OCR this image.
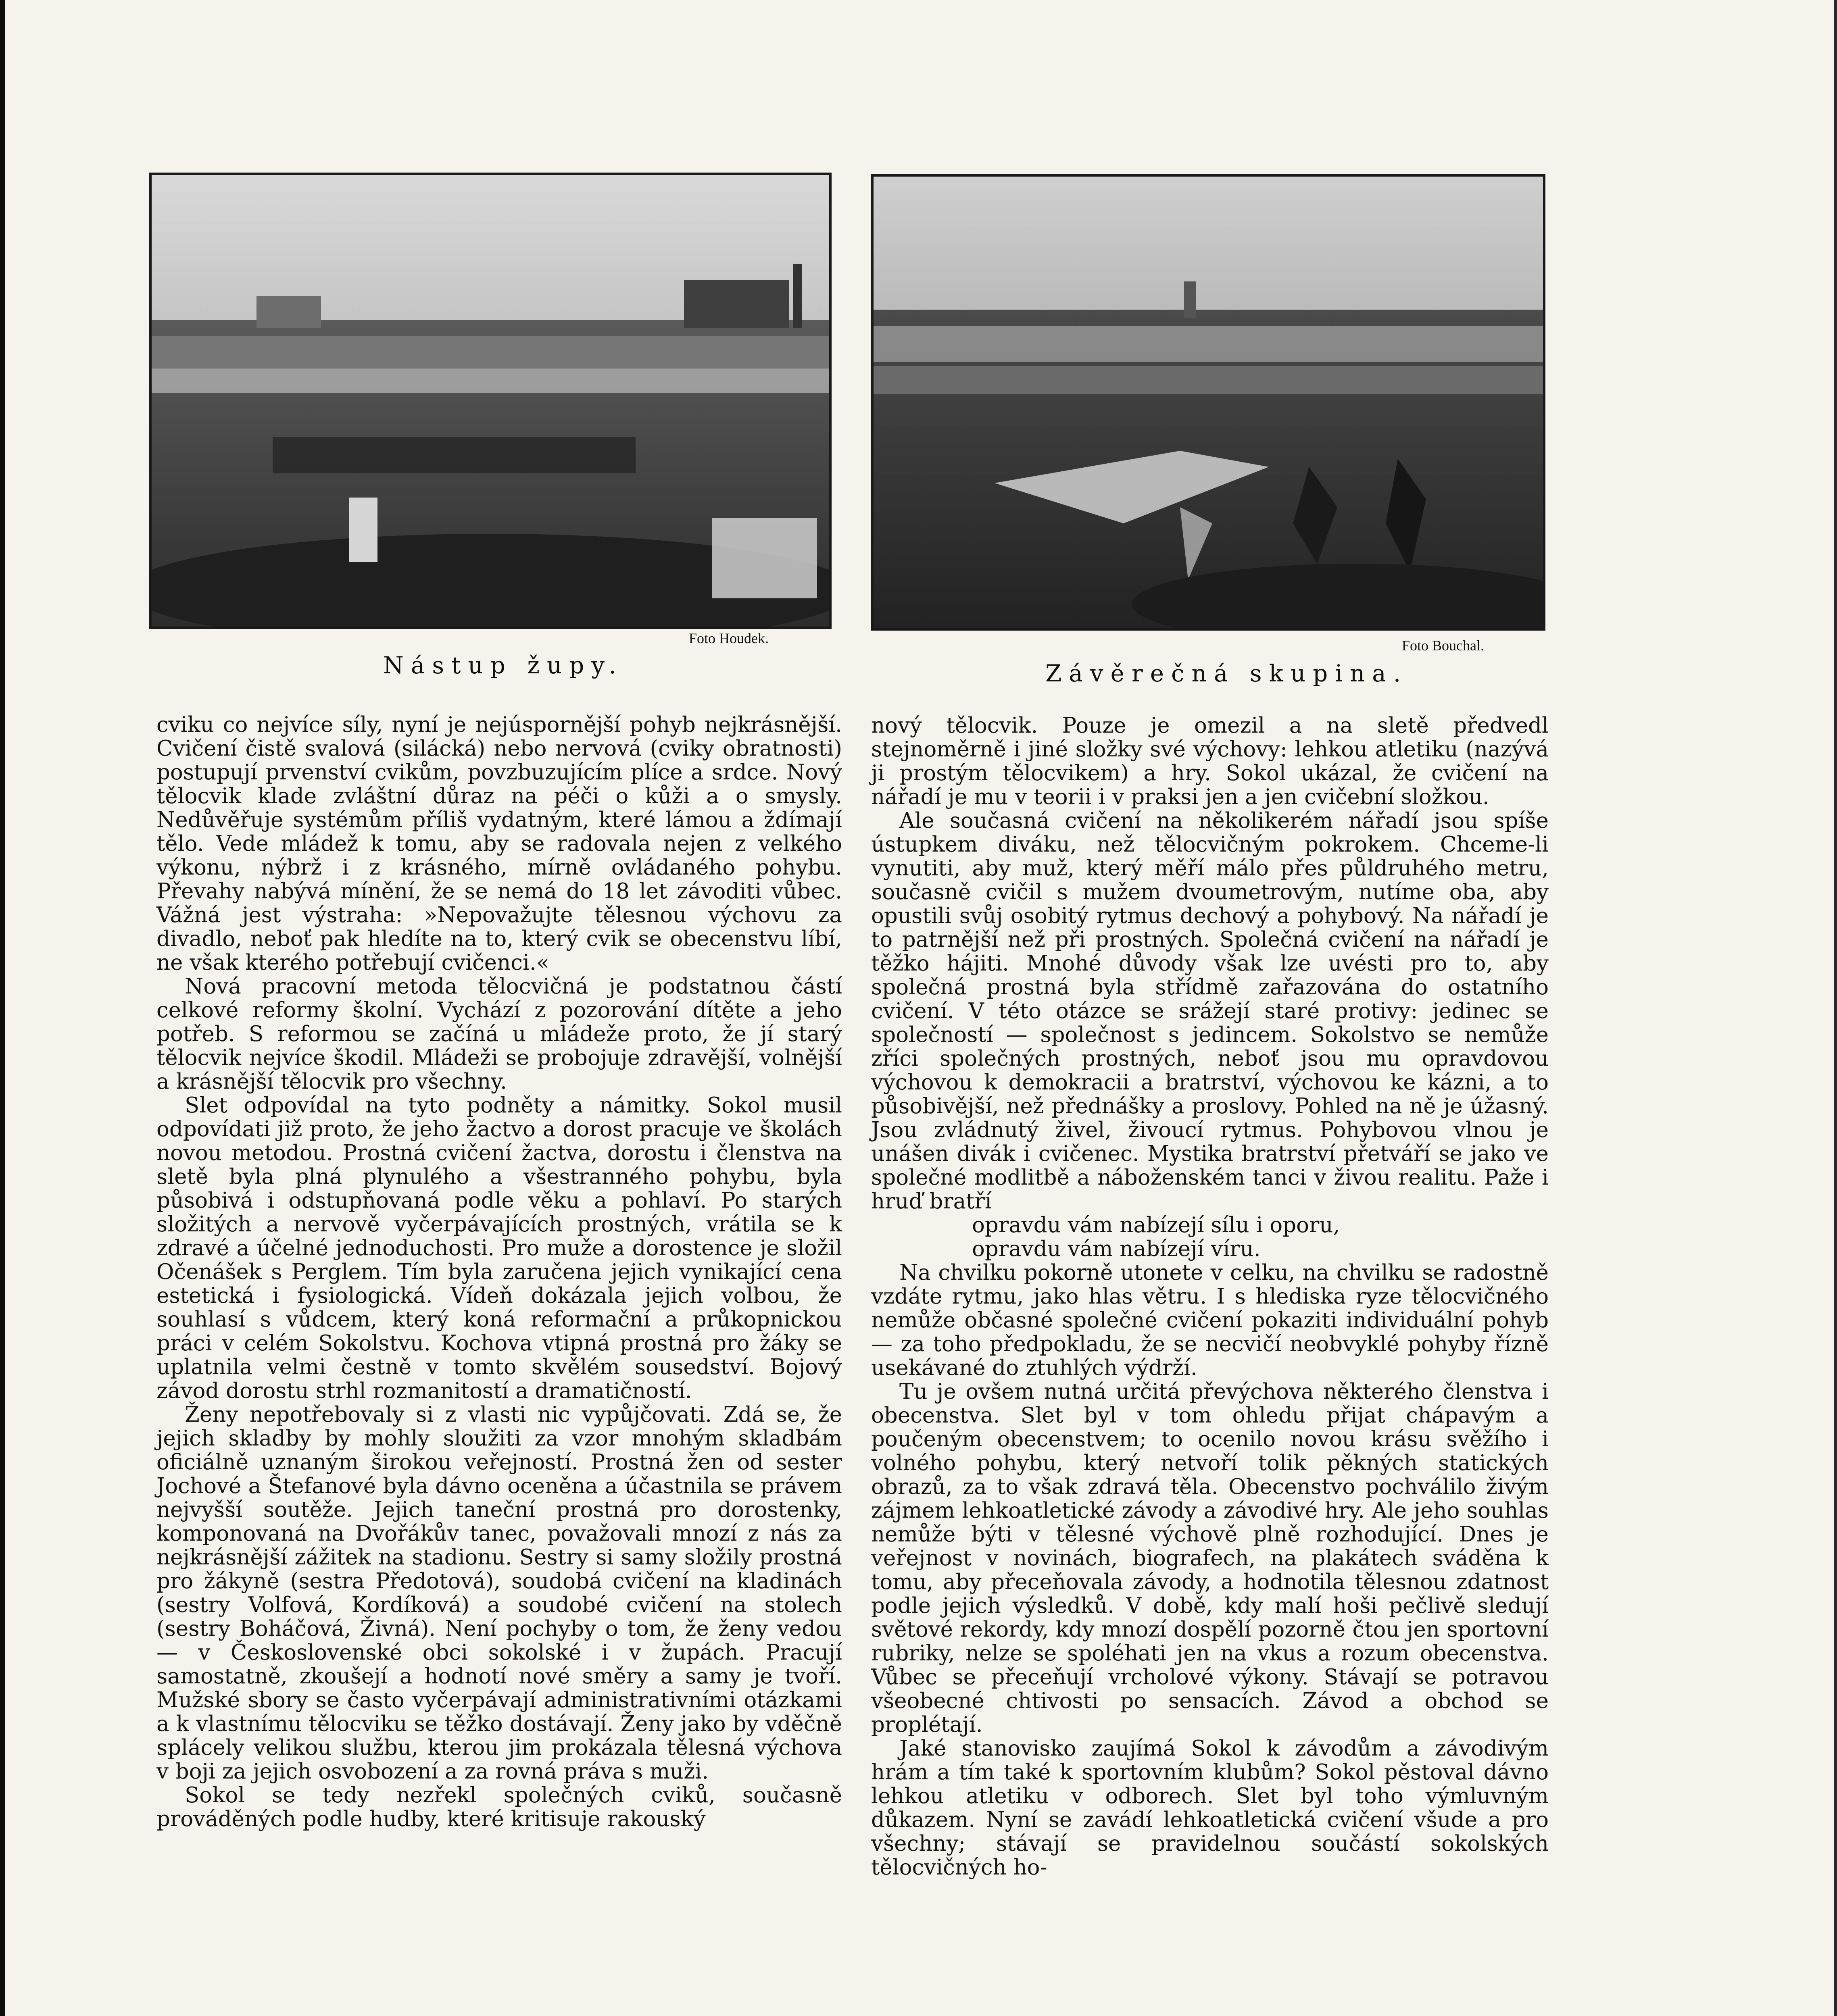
Foto Houdek.
Nástup župy.
Foto Bouchal.
Závěrečná skupina.

cviku co nejvíce síly, nyní je nejúspornější pohyb nejkrásnější. Cvičení čistě svalová (silácká) nebo nervová (cviky obratnosti) postupují prvenství cvikům, povzbuzujícím plíce a srdce. Nový tělocvik klade zvláštní důraz na péči o kůži a o smysly. Nedůvěřuje systémům příliš vydatným, které lámou a ždímají tělo. Vede mládež k tomu, aby se radovala nejen z velkého výkonu, nýbrž i z krásného, mírně ovládaného pohybu. Převahy nabývá mínění, že se nemá do 18 let závoditi vůbec. Vážná jest výstraha: »Nepovažujte tělesnou výchovu za divadlo, neboť pak hledíte na to, který cvik se obecenstvu líbí, ne však kterého potřebují cvičenci.«

Nová pracovní metoda tělocvičná je podstatnou částí celkové reformy školní. Vychází z pozorování dítěte a jeho potřeb. S reformou se začíná u mládeže proto, že jí starý tělocvik nejvíce škodil. Mládeži se probojuje zdravější, volnější a krásnější tělocvik pro všechny.

Slet odpovídal na tyto podněty a námitky. Sokol musil odpovídati již proto, že jeho žactvo a dorost pracuje ve školách novou metodou. Prostná cvičení žactva, dorostu i členstva na sletě byla plná plynulého a všestranného pohybu, byla působivá i odstupňovaná podle věku a pohlaví. Po starých složitých a nervově vyčerpávajících prostných, vrátila se k zdravé a účelné jednoduchosti. Pro muže a dorostence je složil Očenášek s Perglem. Tím byla zaručena jejich vynikající cena estetická i fysiologická. Vídeň dokázala jejich volbou, že souhlasí s vůdcem, který koná reformační a průkopnickou práci v celém Sokolstvu. Kochova vtipná prostná pro žáky se uplatnila velmi čestně v tomto skvělém sousedství. Bojový závod dorostu strhl rozmanitostí a dramatičností.

Ženy nepotřebovaly si z vlasti nic vypůjčovati. Zdá se, že jejich skladby by mohly sloužiti za vzor mnohým skladbám oficiálně uznaným širokou veřejností. Prostná žen od sester Jochové a Štefanové byla dávno oceněna a účastnila se právem nejvyšší soutěže. Jejich taneční prostná pro dorostenky, komponovaná na Dvořákův tanec, považovali mnozí z nás za nejkrásnější zážitek na stadionu. Sestry si samy složily prostná pro žákyně (sestra Předotová), soudobá cvičení na kladinách (sestry Volfová, Kordíková) a soudobé cvičení na stolech (sestry Boháčová, Živná). Není pochyby o tom, že ženy vedou — v Československé obci sokolské i v župách. Pracují samostatně, zkoušejí a hodnotí nové směry a samy je tvoří. Mužské sbory se často vyčerpávají administrativními otázkami a k vlastnímu tělocviku se těžko dostávají. Ženy jako by vděčně splácely velikou službu, kterou jim prokázala tělesná výchova v boji za jejich osvobození a za rovná práva s muži.

Sokol se tedy nezřekl společných cviků, současně prováděných podle hudby, které kritisuje rakouský

nový tělocvik. Pouze je omezil a na sletě předvedl stejnoměrně i jiné složky své výchovy: lehkou atletiku (nazývá ji prostým tělocvikem) a hry. Sokol ukázal, že cvičení na nářadí je mu v teorii i v praksi jen a jen cvičební složkou.

Ale současná cvičení na několikerém nářadí jsou spíše ústupkem diváku, než tělocvičným pokrokem. Chceme-li vynutiti, aby muž, který měří málo přes půldruhého metru, současně cvičil s mužem dvoumetrovým, nutíme oba, aby opustili svůj osobitý rytmus dechový a pohybový. Na nářadí je to patrnější než při prostných. Společná cvičení na nářadí je těžko hájiti. Mnohé důvody však lze uvésti pro to, aby společná prostná byla střídmě zařazována do ostatního cvičení. V této otázce se srážejí staré protivy: jedinec se společností — společnost s jedincem. Sokolstvo se nemůže zříci společných prostných, neboť jsou mu opravdovou výchovou k demokracii a bratrství, výchovou ke kázni, a to působivější, než přednášky a proslovy. Pohled na ně je úžasný. Jsou zvládnutý živel, živoucí rytmus. Pohybovou vlnou je unášen divák i cvičenec. Mystika bratrství přetváří se jako ve společné modlitbě a náboženském tanci v živou realitu. Paže i hruď bratří

opravdu vám nabízejí sílu i oporu,

opravdu vám nabízejí víru.

Na chvilku pokorně utonete v celku, na chvilku se radostně vzdáte rytmu, jako hlas větru. I s hlediska ryze tělocvičného nemůže občasné společné cvičení pokaziti individuální pohyb — za toho předpokladu, že se necvičí neobvyklé pohyby řízně usekávané do ztuhlých výdrží.

Tu je ovšem nutná určitá převýchova některého členstva i obecenstva. Slet byl v tom ohledu přijat chápavým a poučeným obecenstvem; to ocenilo novou krásu svěžího i volného pohybu, který netvoří tolik pěkných statických obrazů, za to však zdravá těla. Obecenstvo pochválilo živým zájmem lehkoatletické závody a závodivé hry. Ale jeho souhlas nemůže býti v tělesné výchově plně rozhodující. Dnes je veřejnost v novinách, biografech, na plakátech sváděna k tomu, aby přeceňovala závody, a hodnotila tělesnou zdatnost podle jejich výsledků. V době, kdy malí hoši pečlivě sledují světové rekordy, kdy mnozí dospělí pozorně čtou jen sportovní rubriky, nelze se spoléhati jen na vkus a rozum obecenstva. Vůbec se přeceňují vrcholové výkony. Stávají se potravou všeobecné chtivosti po sensacích. Závod a obchod se proplétají.

Jaké stanovisko zaujímá Sokol k závodům a závodivým hrám a tím také k sportovním klubům? Sokol pěstoval dávno lehkou atletiku v odborech. Slet byl toho výmluvným důkazem. Nyní se zavádí lehkoatletická cvičení všude a pro všechny; stávají se pravidelnou součástí sokolských tělocvičných ho-
